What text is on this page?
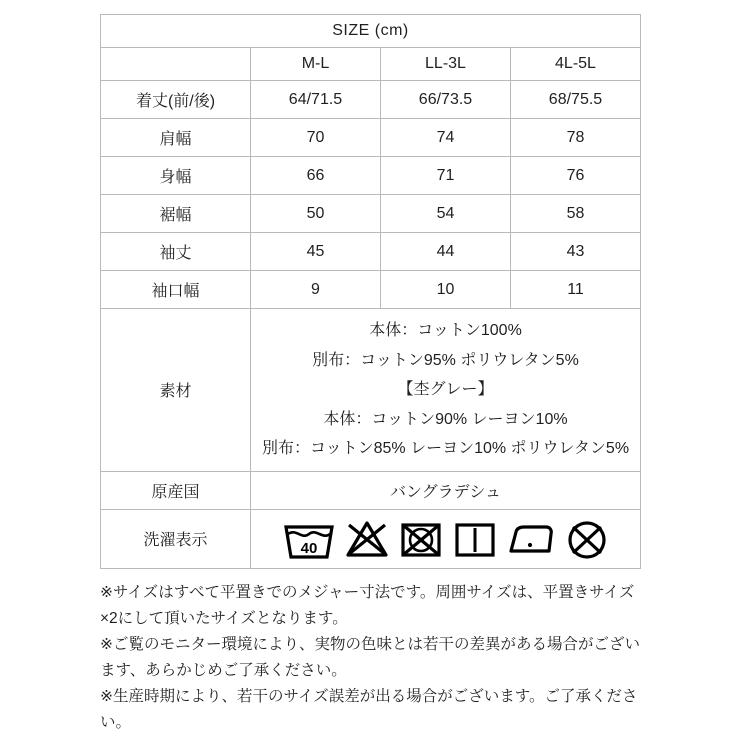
SIZE (cm)			
	M-L	LL-3L	4L-5L
着丈(前/後)	64/71.5	66/73.5	68/75.5
肩幅	70	74	78
身幅	66	71	76
裾幅	50	54	58
袖丈	45	44	43
袖口幅	9	10	11
素材	本体：コットン100%
別布：コットン95% ポリウレタン5%
【杢グレー】
本体：コットン90% レーヨン10%
別布：コットン85% レーヨン10% ポリウレタン5%		

原産国	バングラデシュ		
洗濯表示	40		

※サイズはすべて平置きでのメジャー寸法です。周囲サイズは、平置きサイズ×2にして頂いたサイズとなります。

※ご覧のモニター環境により、実物の色味とは若干の差異がある場合がございます、あらかじめご了承ください。

※生産時期により、若干のサイズ誤差が出る場合がございます。ご了承ください。
